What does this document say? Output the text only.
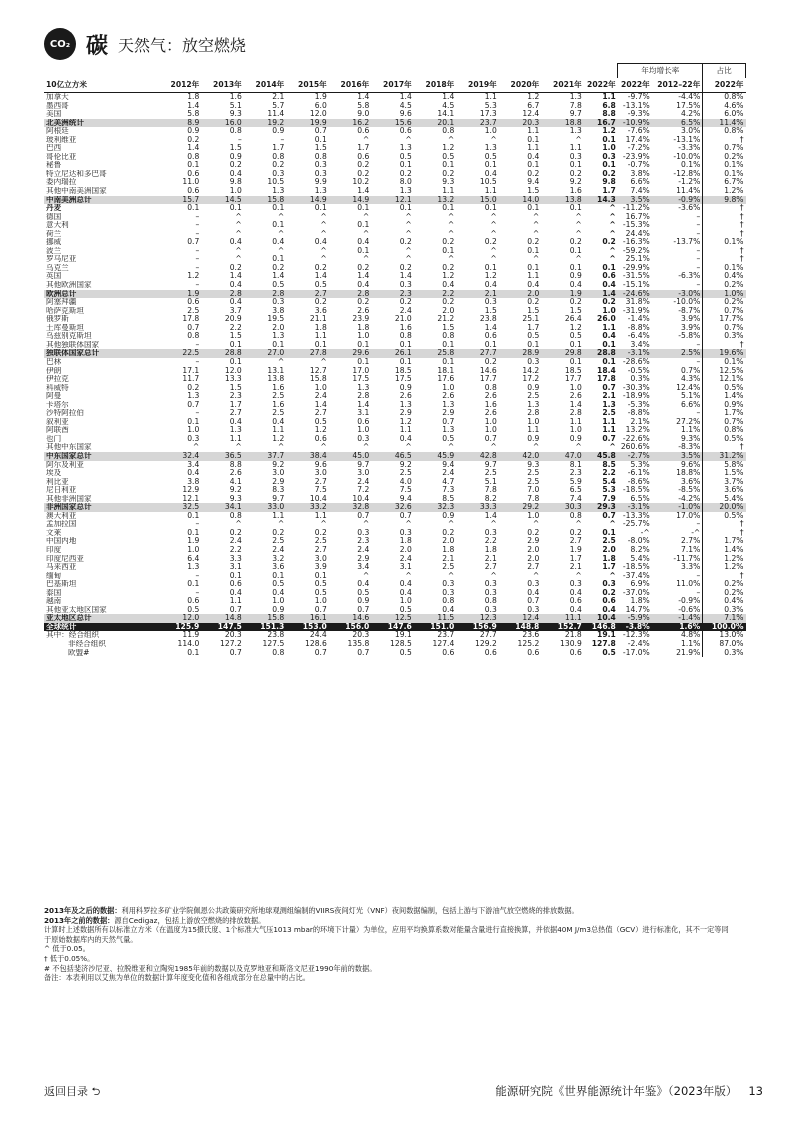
CO₂ 碳 天然气：放空燃烧
												年均增长率		占比
10亿立方米	2012年	2013年	2014年	2015年	2016年	2017年	2018年	2019年	2020年	2021年	2022年	2022年	2012–22年	2022年
加拿大	1.8	1.6	2.1	1.9	1.4	1.4	1.4	1.1	1.2	1.3	1.1	-9.7%	-4.4%	0.8%
墨西哥	1.4	5.1	5.7	6.0	5.8	4.5	4.5	5.3	6.7	7.8	6.8	-13.1%	17.5%	4.6%
美国	5.8	9.3	11.4	12.0	9.0	9.6	14.1	17.3	12.4	9.7	8.8	-9.3%	4.2%	6.0%
北美洲统计	8.9	16.0	19.2	19.9	16.2	15.6	20.1	23.7	20.3	18.8	16.7	-10.9%	6.5%	11.4%
阿根廷	0.9	0.8	0.9	0.7	0.6	0.6	0.8	1.0	1.1	1.3	1.2	-7.6%	3.0%	0.8%
玻利维亚	0.2	–	–	0.1	^	^	^	^	0.1	^	0.1	17.4%	-13.1%	†
巴西	1.4	1.5	1.7	1.5	1.7	1.3	1.2	1.3	1.1	1.1	1.0	-7.2%	-3.3%	0.7%
哥伦比亚	0.8	0.9	0.8	0.8	0.6	0.5	0.5	0.5	0.4	0.3	0.3	-23.9%	-10.0%	0.2%
秘鲁	0.1	0.2	0.2	0.3	0.2	0.1	0.1	0.1	0.1	0.1	0.1	-0.7%	0.1%	0.1%
特立尼达和多巴哥	0.6	0.4	0.3	0.3	0.2	0.2	0.2	0.4	0.2	0.2	0.2	3.8%	-12.8%	0.1%
委内瑞拉	11.0	9.8	10.5	9.9	10.2	8.0	9.3	10.5	9.4	9.2	9.8	6.6%	-1.2%	6.7%
其他中南美洲国家	0.6	1.0	1.3	1.3	1.4	1.3	1.1	1.1	1.5	1.6	1.7	7.4%	11.4%	1.2%
中南美洲总计	15.7	14.5	15.8	14.9	14.9	12.1	13.2	15.0	14.0	13.8	14.3	3.5%	-0.9%	9.8%
丹麦	0.1	0.1	0.1	0.1	0.1	0.1	0.1	0.1	0.1	0.1	^	-11.2%	-3.6%	†
德国	–	^	^	^	^	^	^	^	^	^	^	16.7%	–	†
意大利	–	^	0.1	^	0.1	^	^	^	^	^	^	-15.3%	–	†
荷兰	–	^	^	^	^	^	^	^	^	^	^	24.4%	–	†
挪威	0.7	0.4	0.4	0.4	0.4	0.2	0.2	0.2	0.2	0.2	0.2	-16.3%	-13.7%	0.1%
波兰	–	^	^	^	0.1	^	0.1	^	0.1	0.1	^	-59.2%	–	†
罗马尼亚	–	^	0.1	^	^	^	^	^	^	^	^	25.1%	–	†
乌克兰	–	0.2	0.2	0.2	0.2	0.2	0.2	0.1	0.1	0.1	0.1	-29.9%	–	0.1%
英国	1.2	1.4	1.4	1.4	1.4	1.4	1.2	1.2	1.1	0.9	0.6	-31.5%	-6.3%	0.4%
其他欧洲国家	–	0.4	0.5	0.5	0.4	0.3	0.4	0.4	0.4	0.4	0.4	-15.1%	–	0.2%
欧洲总计	1.9	2.8	2.8	2.7	2.8	2.3	2.2	2.1	2.0	1.9	1.4	-24.6%	-3.0%	1.0%
阿塞拜疆	0.6	0.4	0.3	0.2	0.2	0.2	0.2	0.3	0.2	0.2	0.2	31.8%	-10.0%	0.2%
哈萨克斯坦	2.5	3.7	3.8	3.6	2.6	2.4	2.0	1.5	1.5	1.5	1.0	-31.9%	-8.7%	0.7%
俄罗斯	17.8	20.9	19.5	21.1	23.9	21.0	21.2	23.8	25.1	26.4	26.0	-1.4%	3.9%	17.7%
土库曼斯坦	0.7	2.2	2.0	1.8	1.8	1.6	1.5	1.4	1.7	1.2	1.1	-8.8%	3.9%	0.7%
乌兹别克斯坦	0.8	1.5	1.3	1.1	1.0	0.8	0.8	0.6	0.5	0.5	0.4	-6.4%	-5.8%	0.3%
其他独联体国家	–	0.1	0.1	0.1	0.1	0.1	0.1	0.1	0.1	0.1	0.1	3.4%	–	†
独联体国家总计	22.5	28.8	27.0	27.8	29.6	26.1	25.8	27.7	28.9	29.8	28.8	-3.1%	2.5%	19.6%
巴林	–	0.1	^	^	0.1	0.1	0.1	0.2	0.3	0.1	0.1	-28.6%	–	0.1%
伊朗	17.1	12.0	13.1	12.7	17.0	18.5	18.1	14.6	14.2	18.5	18.4	-0.5%	0.7%	12.5%
伊拉克	11.7	13.3	13.8	15.8	17.5	17.5	17.6	17.7	17.2	17.7	17.8	0.3%	4.3%	12.1%
科威特	0.2	1.5	1.6	1.0	1.3	0.9	1.0	0.8	0.9	1.0	0.7	-30.3%	12.4%	0.5%
阿曼	1.3	2.3	2.5	2.4	2.8	2.6	2.6	2.6	2.5	2.6	2.1	-18.9%	5.1%	1.4%
卡塔尔	0.7	1.7	1.6	1.4	1.4	1.3	1.3	1.6	1.3	1.4	1.3	-5.3%	6.6%	0.9%
沙特阿拉伯	–	2.7	2.5	2.7	3.1	2.9	2.9	2.6	2.8	2.8	2.5	-8.8%	–	1.7%
叙利亚	0.1	0.4	0.4	0.5	0.6	1.2	0.7	1.0	1.0	1.1	1.1	2.1%	27.2%	0.7%
阿联酋	1.0	1.3	1.1	1.2	1.0	1.1	1.3	1.0	1.1	1.0	1.1	13.2%	1.1%	0.8%
也门	0.3	1.1	1.2	0.6	0.3	0.4	0.5	0.7	0.9	0.9	0.7	-22.6%	9.3%	0.5%
其他中东国家	^	^	^	^	^	^	^	^	^	^	^	260.6%	-8.3%	†
中东国家总计	32.4	36.5	37.7	38.4	45.0	46.5	45.9	42.8	42.0	47.0	45.8	-2.7%	3.5%	31.2%
阿尔及利亚	3.4	8.8	9.2	9.6	9.7	9.2	9.4	9.7	9.3	8.1	8.5	5.3%	9.6%	5.8%
埃及	0.4	2.6	3.0	3.0	3.0	2.5	2.4	2.5	2.5	2.3	2.2	-6.1%	18.8%	1.5%
利比亚	3.8	4.1	2.9	2.7	2.4	4.0	4.7	5.1	2.5	5.9	5.4	-8.6%	3.6%	3.7%
尼日利亚	12.9	9.2	8.3	7.5	7.2	7.5	7.3	7.8	7.0	6.5	5.3	-18.5%	-8.5%	3.6%
其他非洲国家	12.1	9.3	9.7	10.4	10.4	9.4	8.5	8.2	7.8	7.4	7.9	6.5%	-4.2%	5.4%
非洲国家总计	32.5	34.1	33.0	33.2	32.8	32.6	32.3	33.3	29.2	30.3	29.3	-3.1%	-1.0%	20.0%
澳大利亚	0.1	0.8	1.1	1.1	0.7	0.7	0.9	1.4	1.0	0.8	0.7	-13.3%	17.0%	0.5%
孟加拉国	–	^	^	^	^	^	^	^	^	^	^	-25.7%	–	†
文莱	0.1	0.2	0.2	0.2	0.3	0.3	0.2	0.3	0.2	0.2	0.1	-^	-^	†
中国内地	1.9	2.4	2.5	2.5	2.3	1.8	2.0	2.2	2.9	2.7	2.5	-8.0%	2.7%	1.7%
印度	1.0	2.2	2.4	2.7	2.4	2.0	1.8	1.8	2.0	1.9	2.0	8.2%	7.1%	1.4%
印度尼西亚	6.4	3.3	3.2	3.0	2.9	2.4	2.1	2.1	2.0	1.7	1.8	5.4%	-11.7%	1.2%
马来西亚	1.3	3.1	3.6	3.9	3.4	3.1	2.5	2.7	2.7	2.1	1.7	-18.5%	3.3%	1.2%
缅甸	–	0.1	0.1	0.1	^	^	^	^	^	^	^	-37.4%	–	†
巴基斯坦	0.1	0.6	0.5	0.5	0.4	0.4	0.3	0.3	0.3	0.3	0.3	6.9%	11.0%	0.2%
泰国	–	0.4	0.4	0.5	0.5	0.4	0.3	0.3	0.4	0.4	0.2	-37.0%	–	0.2%
越南	0.6	1.1	1.0	1.0	0.9	1.0	0.8	0.8	0.7	0.6	0.6	1.8%	-0.9%	0.4%
其他亚太地区国家	0.5	0.7	0.9	0.7	0.7	0.5	0.4	0.3	0.3	0.4	0.4	14.7%	-0.6%	0.3%
亚太地区总计	12.0	14.8	15.8	16.1	14.6	12.5	11.5	12.3	12.4	11.1	10.4	-5.9%	-1.4%	7.1%
全球统计	125.9	147.5	151.3	153.0	156.0	147.6	151.0	156.9	148.8	152.7	146.8	-3.8%	1.6%	100.0%
其中：经合组织	11.9	20.3	23.8	24.4	20.3	19.1	23.7	27.7	23.6	21.8	19.1	-12.3%	4.8%	13.0%
非经合组织	114.0	127.2	127.5	128.6	135.8	128.5	127.4	129.2	125.2	130.9	127.8	-2.4%	1.1%	87.0%
欧盟#	0.1	0.7	0.8	0.7	0.7	0.5	0.6	0.6	0.6	0.6	0.5	-17.0%	21.9%	0.3%
2013年及之后的数据：利用科罗拉多矿业学院佩恩公共政策研究所地球观测组编制的VIIRS夜间灯光（VNF）夜间数据编制，包括上游与下游油气放空燃烧的排放数据。
2013年之前的数据：源自Cedigaz，包括上游放空燃烧的排放数据。
计算时上述数据所有以标准立方米（在温度为15摄氏度、1个标准大气压1013 mbar的环境下计量）为单位，应用平均换算系数对能量含量进行直接换算，并依据40M J/m3总热值（GCV）进行标准化，其不一定等同
于原始数据库内的天然气量。
^ 低于0.05。
† 低于0.05%。
# 不包括斐济沙尼亚、拉脱维亚和立陶宛1985年前的数据以及克罗地亚和斯洛文尼亚1990年前的数据。
备注：本表利用以艾焦为单位的数据计算年度变化值和各组成部分在总量中的占比。
返回目录 ⮌	能源研究院《世界能源统计年鉴》（2023年版） 13
